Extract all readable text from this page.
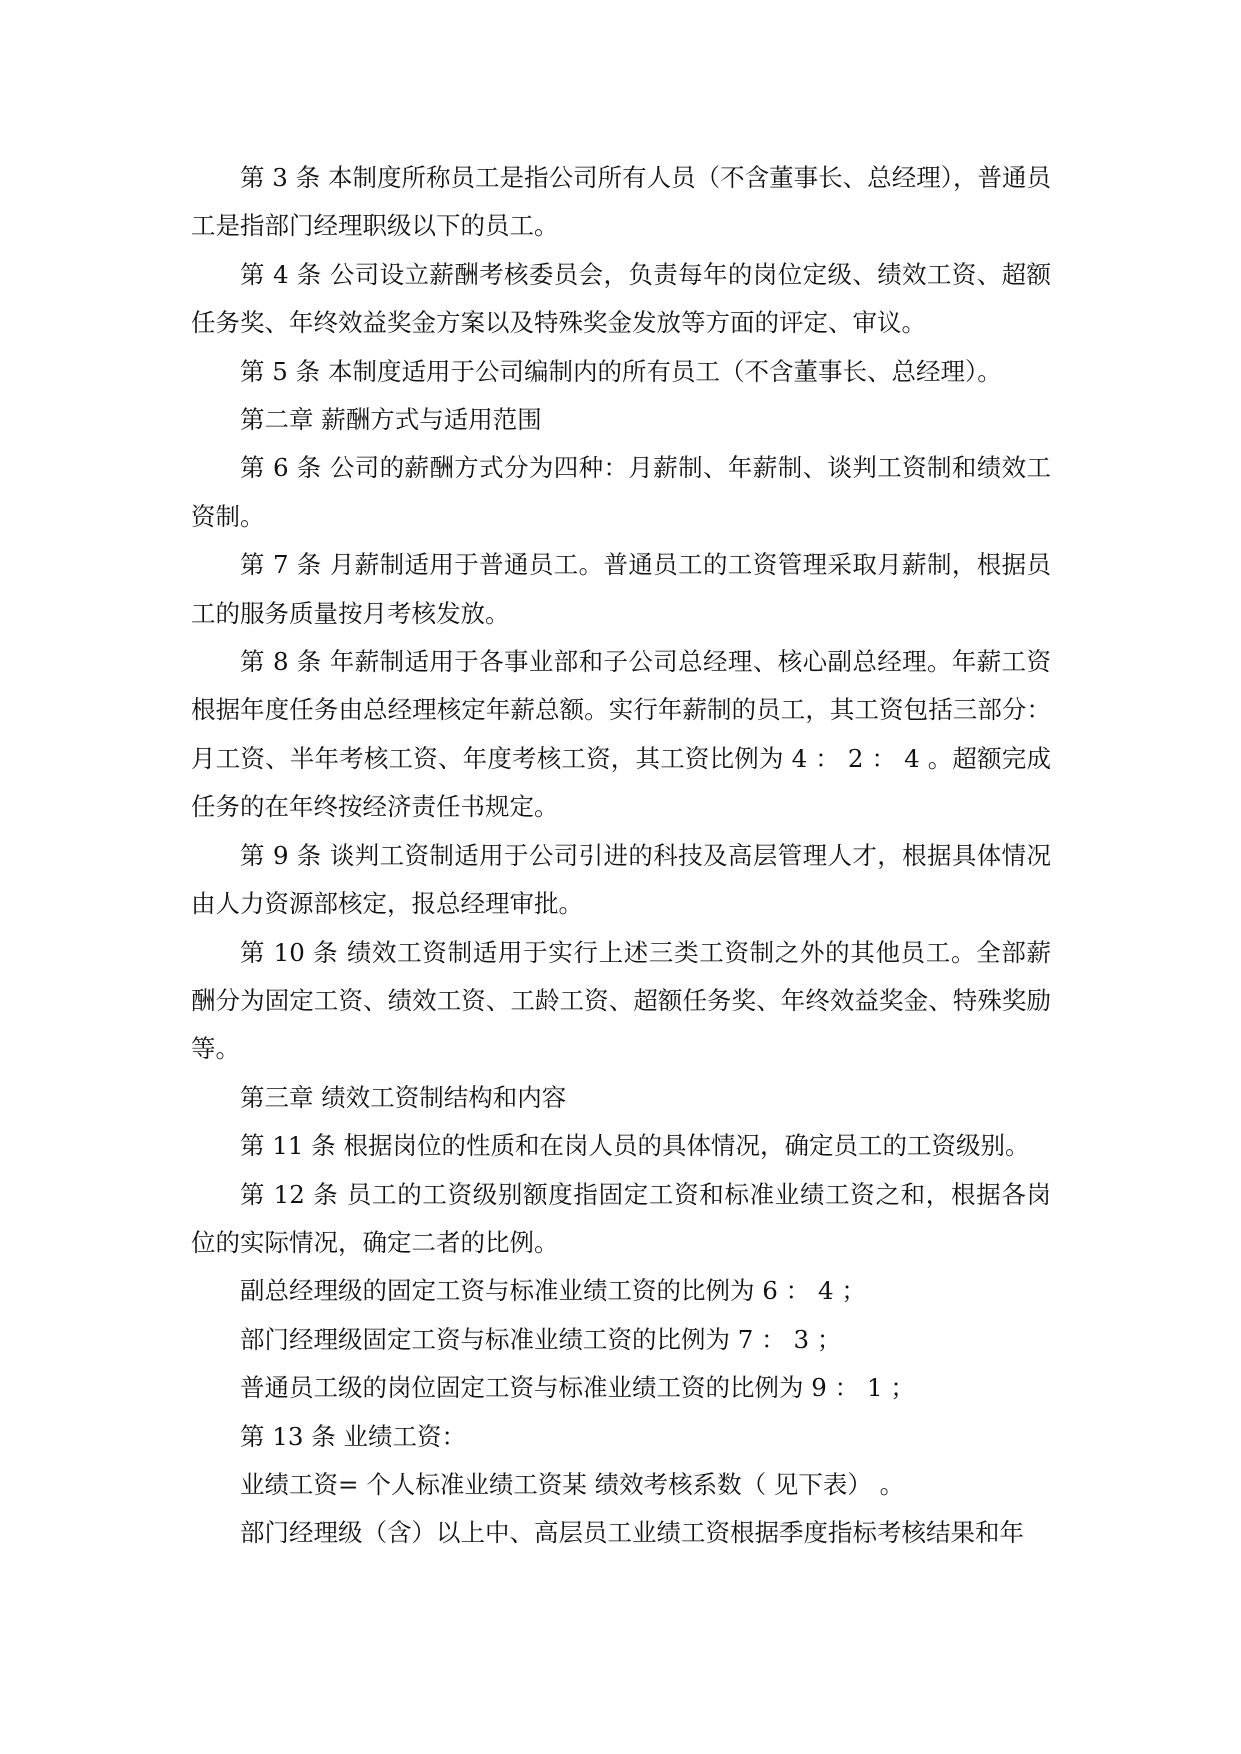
第 3 条 本制度所称员工是指公司所有人员（不含董事长、总经理），普通员工是指部门经理职级以下的员工。

第 4 条 公司设立薪酬考核委员会，负责每年的岗位定级、绩效工资、超额任务奖、年终效益奖金方案以及特殊奖金发放等方面的评定、审议。

第 5 条 本制度适用于公司编制内的所有员工（不含董事长、总经理）。

第二章 薪酬方式与适用范围

第 6 条 公司的薪酬方式分为四种：月薪制、年薪制、谈判工资制和绩效工资制。

第 7 条 月薪制适用于普通员工。普通员工的工资管理采取月薪制，根据员工的服务质量按月考核发放。

第 8 条 年薪制适用于各事业部和子公司总经理、核心副总经理。年薪工资根据年度任务由总经理核定年薪总额。实行年薪制的员工，其工资包括三部分：月工资、半年考核工资、年度考核工资，其工资比例为 4 ： 2 ： 4 。超额完成任务的在年终按经济责任书规定。

第 9 条 谈判工资制适用于公司引进的科技及高层管理人才，根据具体情况由人力资源部核定，报总经理审批。

第 10 条 绩效工资制适用于实行上述三类工资制之外的其他员工。全部薪酬分为固定工资、绩效工资、工龄工资、超额任务奖、年终效益奖金、特殊奖励等。

第三章 绩效工资制结构和内容

第 11 条 根据岗位的性质和在岗人员的具体情况，确定员工的工资级别。

第 12 条 员工的工资级别额度指固定工资和标准业绩工资之和，根据各岗位的实际情况，确定二者的比例。

副总经理级的固定工资与标准业绩工资的比例为 6 ： 4 ；

部门经理级固定工资与标准业绩工资的比例为 7 ： 3 ；

普通员工级的岗位固定工资与标准业绩工资的比例为 9 ： 1 ；

第 13 条 业绩工资：

业绩工资= 个人标准业绩工资某 绩效考核系数（ 见下表） 。

部门经理级（含）以上中、高层员工业绩工资根据季度指标考核结果和年
